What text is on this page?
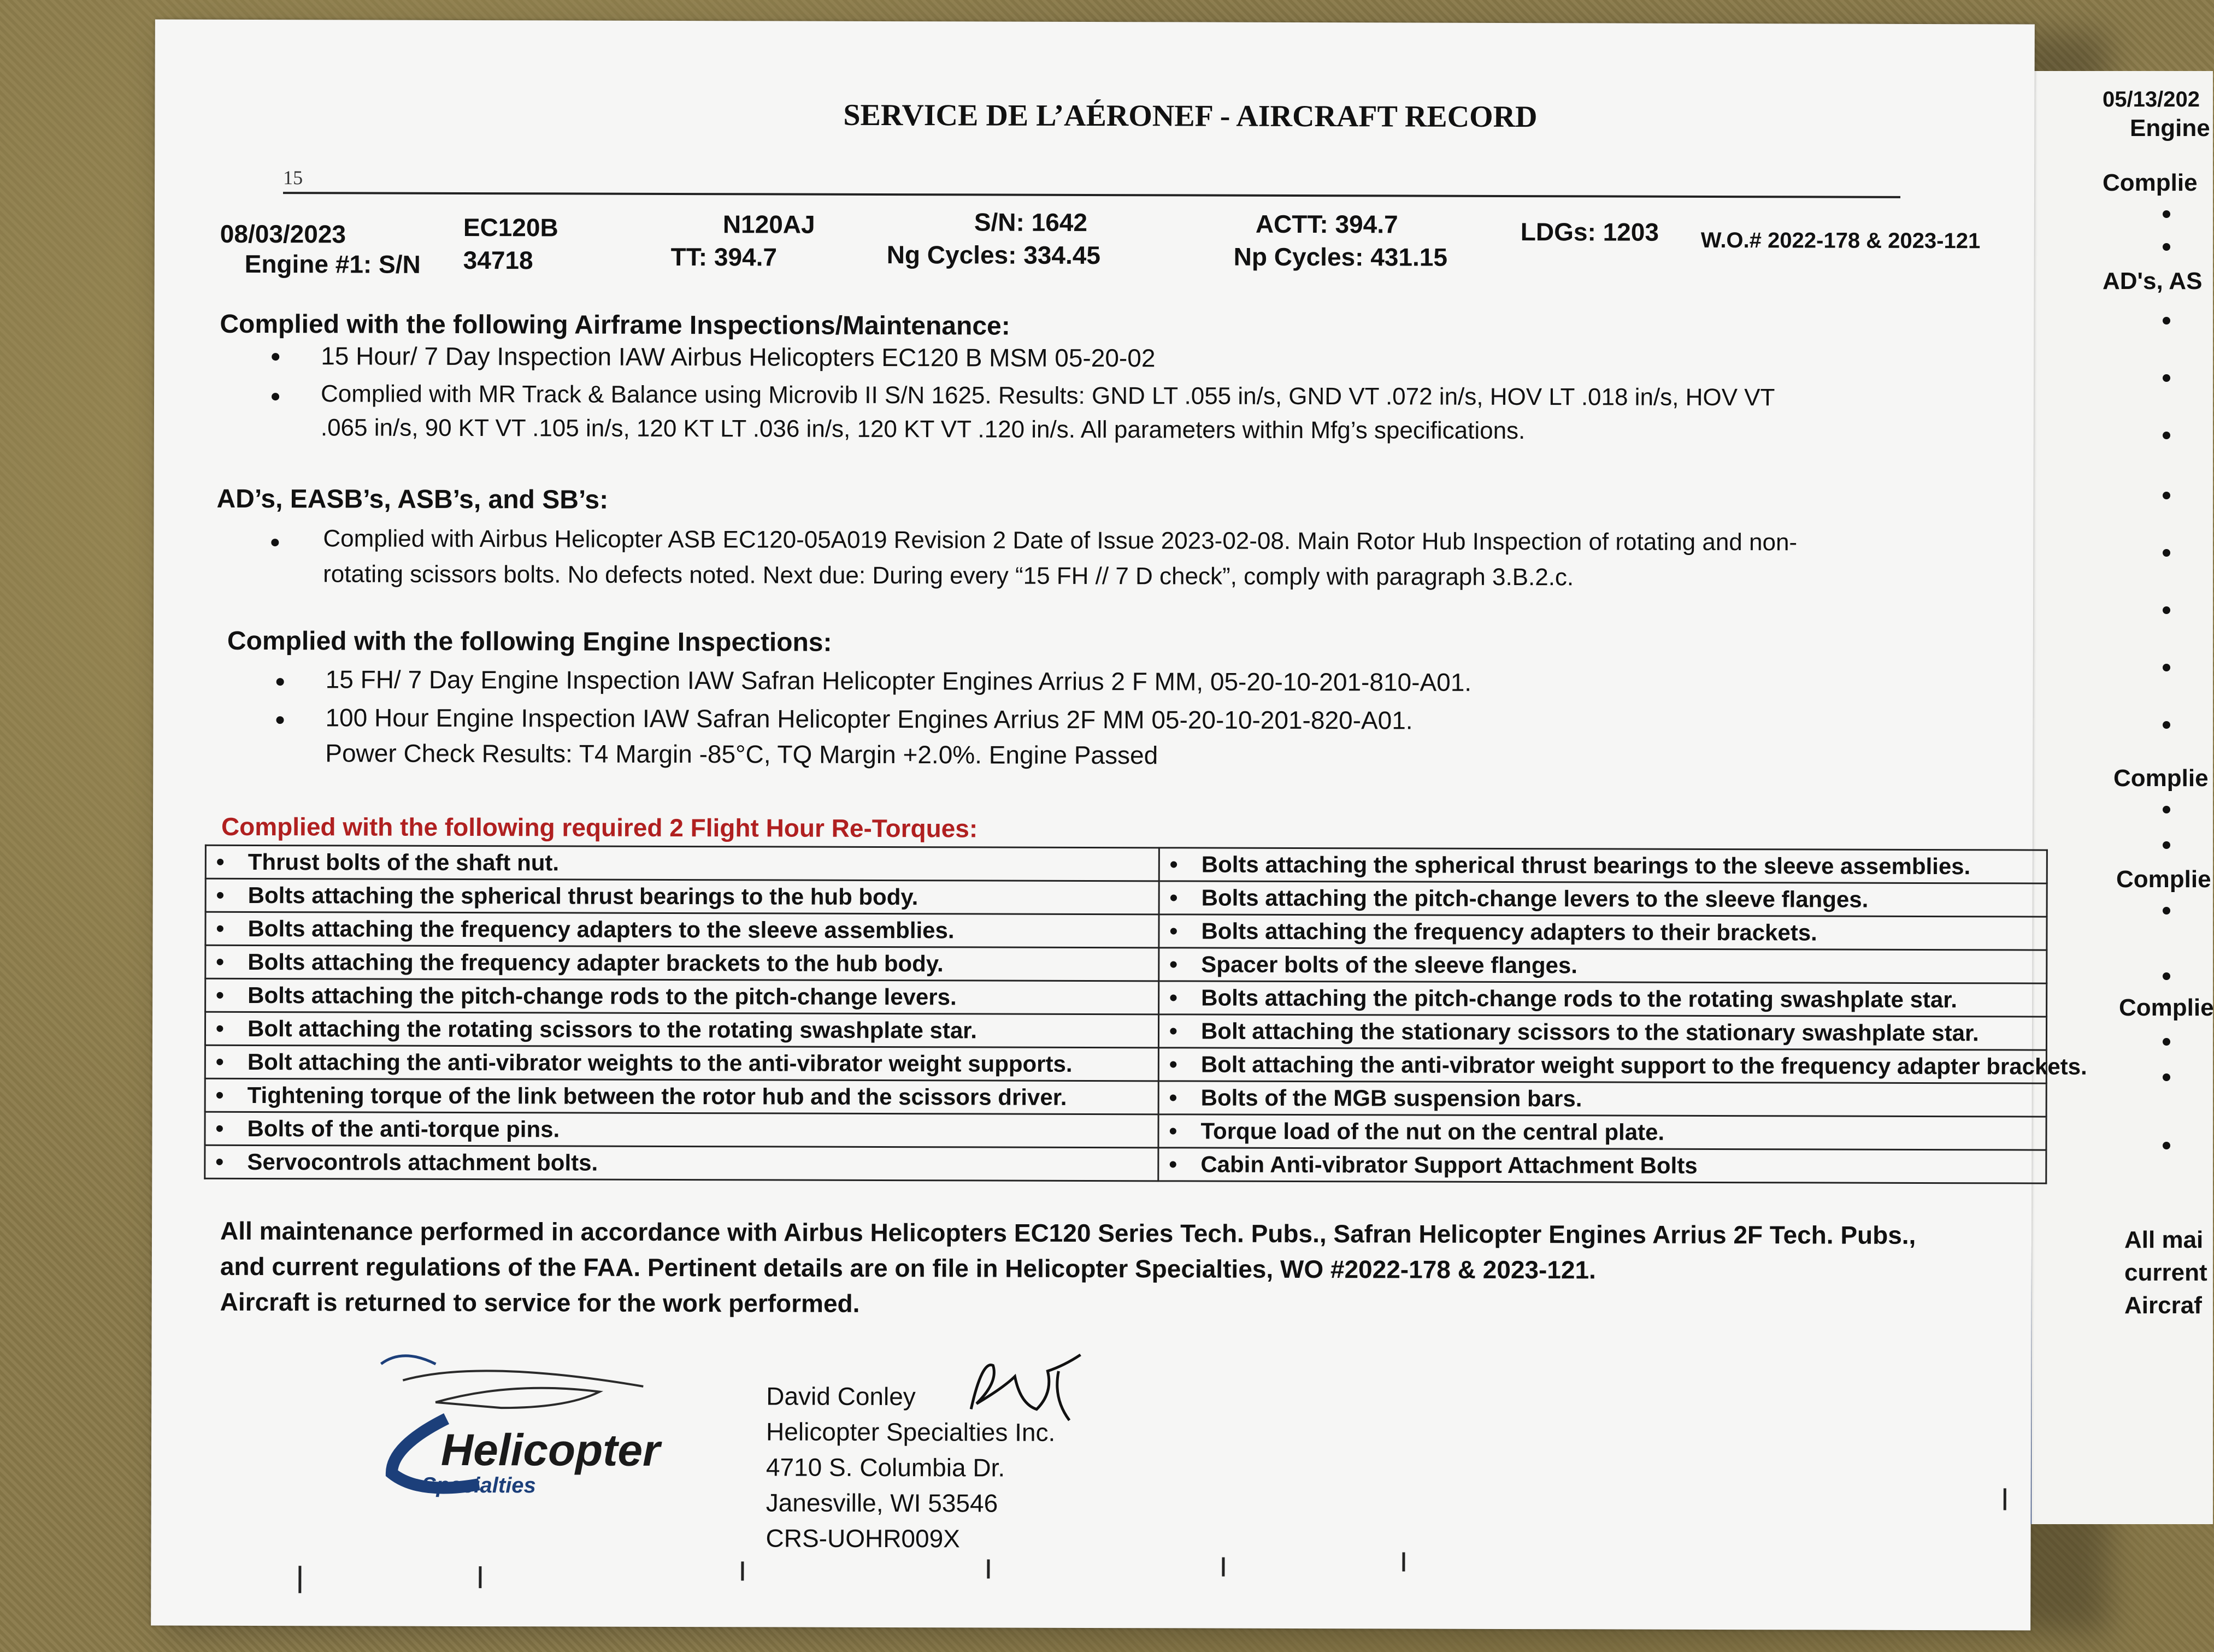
05/13/202
Engine
Complie
AD's, AS
Complie
Complie
Complie
All mai
current
Aircraf
SERVICE DE L’AÉRONEF - AIRCRAFT RECORD
15
08/03/2023	EC120B	N120AJ	S/N: 1642	ACTT: 394.7	LDGs: 1203 W.O.# 2022-178 & 2023-121
Engine #1: S/N 34718	TT: 394.7	Ng Cycles: 334.45	Np Cycles: 431.15
Complied with the following Airframe Inspections/Maintenance:
15 Hour/ 7 Day Inspection IAW Airbus Helicopters EC120 B MSM 05-20-02
Complied with MR Track & Balance using Microvib II S/N 1625. Results: GND LT .055 in/s, GND VT .072 in/s, HOV LT .018 in/s, HOV VT
.065 in/s, 90 KT VT .105 in/s, 120 KT LT .036 in/s, 120 KT VT .120 in/s. All parameters within Mfg’s specifications.
AD’s, EASB’s, ASB’s, and SB’s:
Complied with Airbus Helicopter ASB EC120-05A019 Revision 2 Date of Issue 2023-02-08. Main Rotor Hub Inspection of rotating and non-
rotating scissors bolts. No defects noted. Next due: During every “15 FH // 7 D check”, comply with paragraph 3.B.2.c.
Complied with the following Engine Inspections:
15 FH/ 7 Day Engine Inspection IAW Safran Helicopter Engines Arrius 2 F MM, 05-20-10-201-810-A01.
100 Hour Engine Inspection IAW Safran Helicopter Engines Arrius 2F MM 05-20-10-201-820-A01.
Power Check Results: T4 Margin -85°C, TQ Margin +2.0%. Engine Passed
Complied with the following required 2 Flight Hour Re-Torques:
• Thrust bolts of the shaft nut.	• Bolts attaching the spherical thrust bearings to the sleeve assemblies.
• Bolts attaching the spherical thrust bearings to the hub body.	• Bolts attaching the pitch-change levers to the sleeve flanges.
• Bolts attaching the frequency adapters to the sleeve assemblies.	• Bolts attaching the frequency adapters to their brackets.
• Bolts attaching the frequency adapter brackets to the hub body.	• Spacer bolts of the sleeve flanges.
• Bolts attaching the pitch-change rods to the pitch-change levers.	• Bolts attaching the pitch-change rods to the rotating swashplate star.
• Bolt attaching the rotating scissors to the rotating swashplate star.	• Bolt attaching the stationary scissors to the stationary swashplate star.
• Bolt attaching the anti-vibrator weights to the anti-vibrator weight supports.	• Bolt attaching the anti-vibrator weight support to the frequency adapter brackets.
• Tightening torque of the link between the rotor hub and the scissors driver.	• Bolts of the MGB suspension bars.
• Bolts of the anti-torque pins.	• Torque load of the nut on the central plate.
• Servocontrols attachment bolts.	• Cabin Anti-vibrator Support Attachment Bolts
All maintenance performed in accordance with Airbus Helicopters EC120 Series Tech. Pubs., Safran Helicopter Engines Arrius 2F Tech. Pubs.,
and current regulations of the FAA. Pertinent details are on file in Helicopter Specialties, WO #2022-178 & 2023-121.
Aircraft is returned to service for the work performed.
Helicopter
Specialties
David Conley
Helicopter Specialties Inc.
4710 S. Columbia Dr.
Janesville, WI 53546
CRS-UOHR009X
